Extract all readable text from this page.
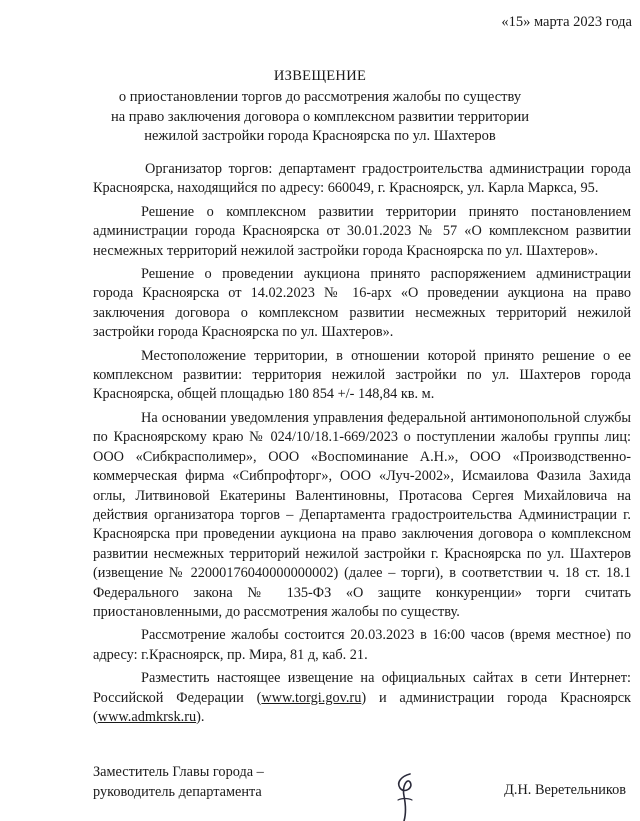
«15» марта 2023 года
ИЗВЕЩЕНИЕ
о приостановлении торгов до рассмотрения жалобы по существу
на право заключения договора о комплексном развитии территории
нежилой застройки города Красноярска по ул. Шахтеров

Организатор торгов: департамент градостроительства администрации города Красноярска, находящийся по адресу: 660049, г. Красноярск, ул. Карла Маркса, 95.

Решение о комплексном развитии территории принято постановлением администрации города Красноярска от 30.01.2023 № 57 «О комплексном развитии несмежных территорий нежилой застройки города Красноярска по ул. Шахтеров».

Решение о проведении аукциона принято распоряжением администрации города Красноярска от 14.02.2023 № 16-арх «О проведении аукциона на право заключения договора о комплексном развитии несмежных территорий нежилой застройки города Красноярска по ул. Шахтеров».

Местоположение территории, в отношении которой принято решение о ее комплексном развитии: территория нежилой застройки по ул. Шахтеров города Красноярска, общей площадью 180 854 +/- 148,84 кв. м.

На основании уведомления управления федеральной антимонопольной службы по Красноярскому краю № 024/10/18.1-669/2023 о поступлении жалобы группы лиц: ООО «Сибкрасполимер», ООО «Воспоминание А.Н.», ООО «Производственно-коммерческая фирма «Сибпрофторг», ООО «Луч-2002», Исмаилова Фазила Захида оглы, Литвиновой Екатерины Валентиновны, Протасова Сергея Михайловича на действия организатора торгов – Департамента градостроительства Администрации г. Красноярска при проведении аукциона на право заключения договора о комплексном развитии несмежных территорий нежилой застройки г. Красноярска по ул. Шахтеров (извещение № 22000176040000000002) (далее – торги), в соответствии ч. 18 ст. 18.1 Федерального закона № 135-ФЗ «О защите конкуренции» торги считать приостановленными, до рассмотрения жалобы по существу.

Рассмотрение жалобы состоится 20.03.2023 в 16:00 часов (время местное) по адресу: г.Красноярск, пр. Мира, 81 д, каб. 21.

Разместить настоящее извещение на официальных сайтах в сети Интернет: Российской Федерации (www.torgi.gov.ru) и администрации города Красноярск (www.admkrsk.ru).

Заместитель Главы города –
руководитель департамента	Д.Н. Веретельников
